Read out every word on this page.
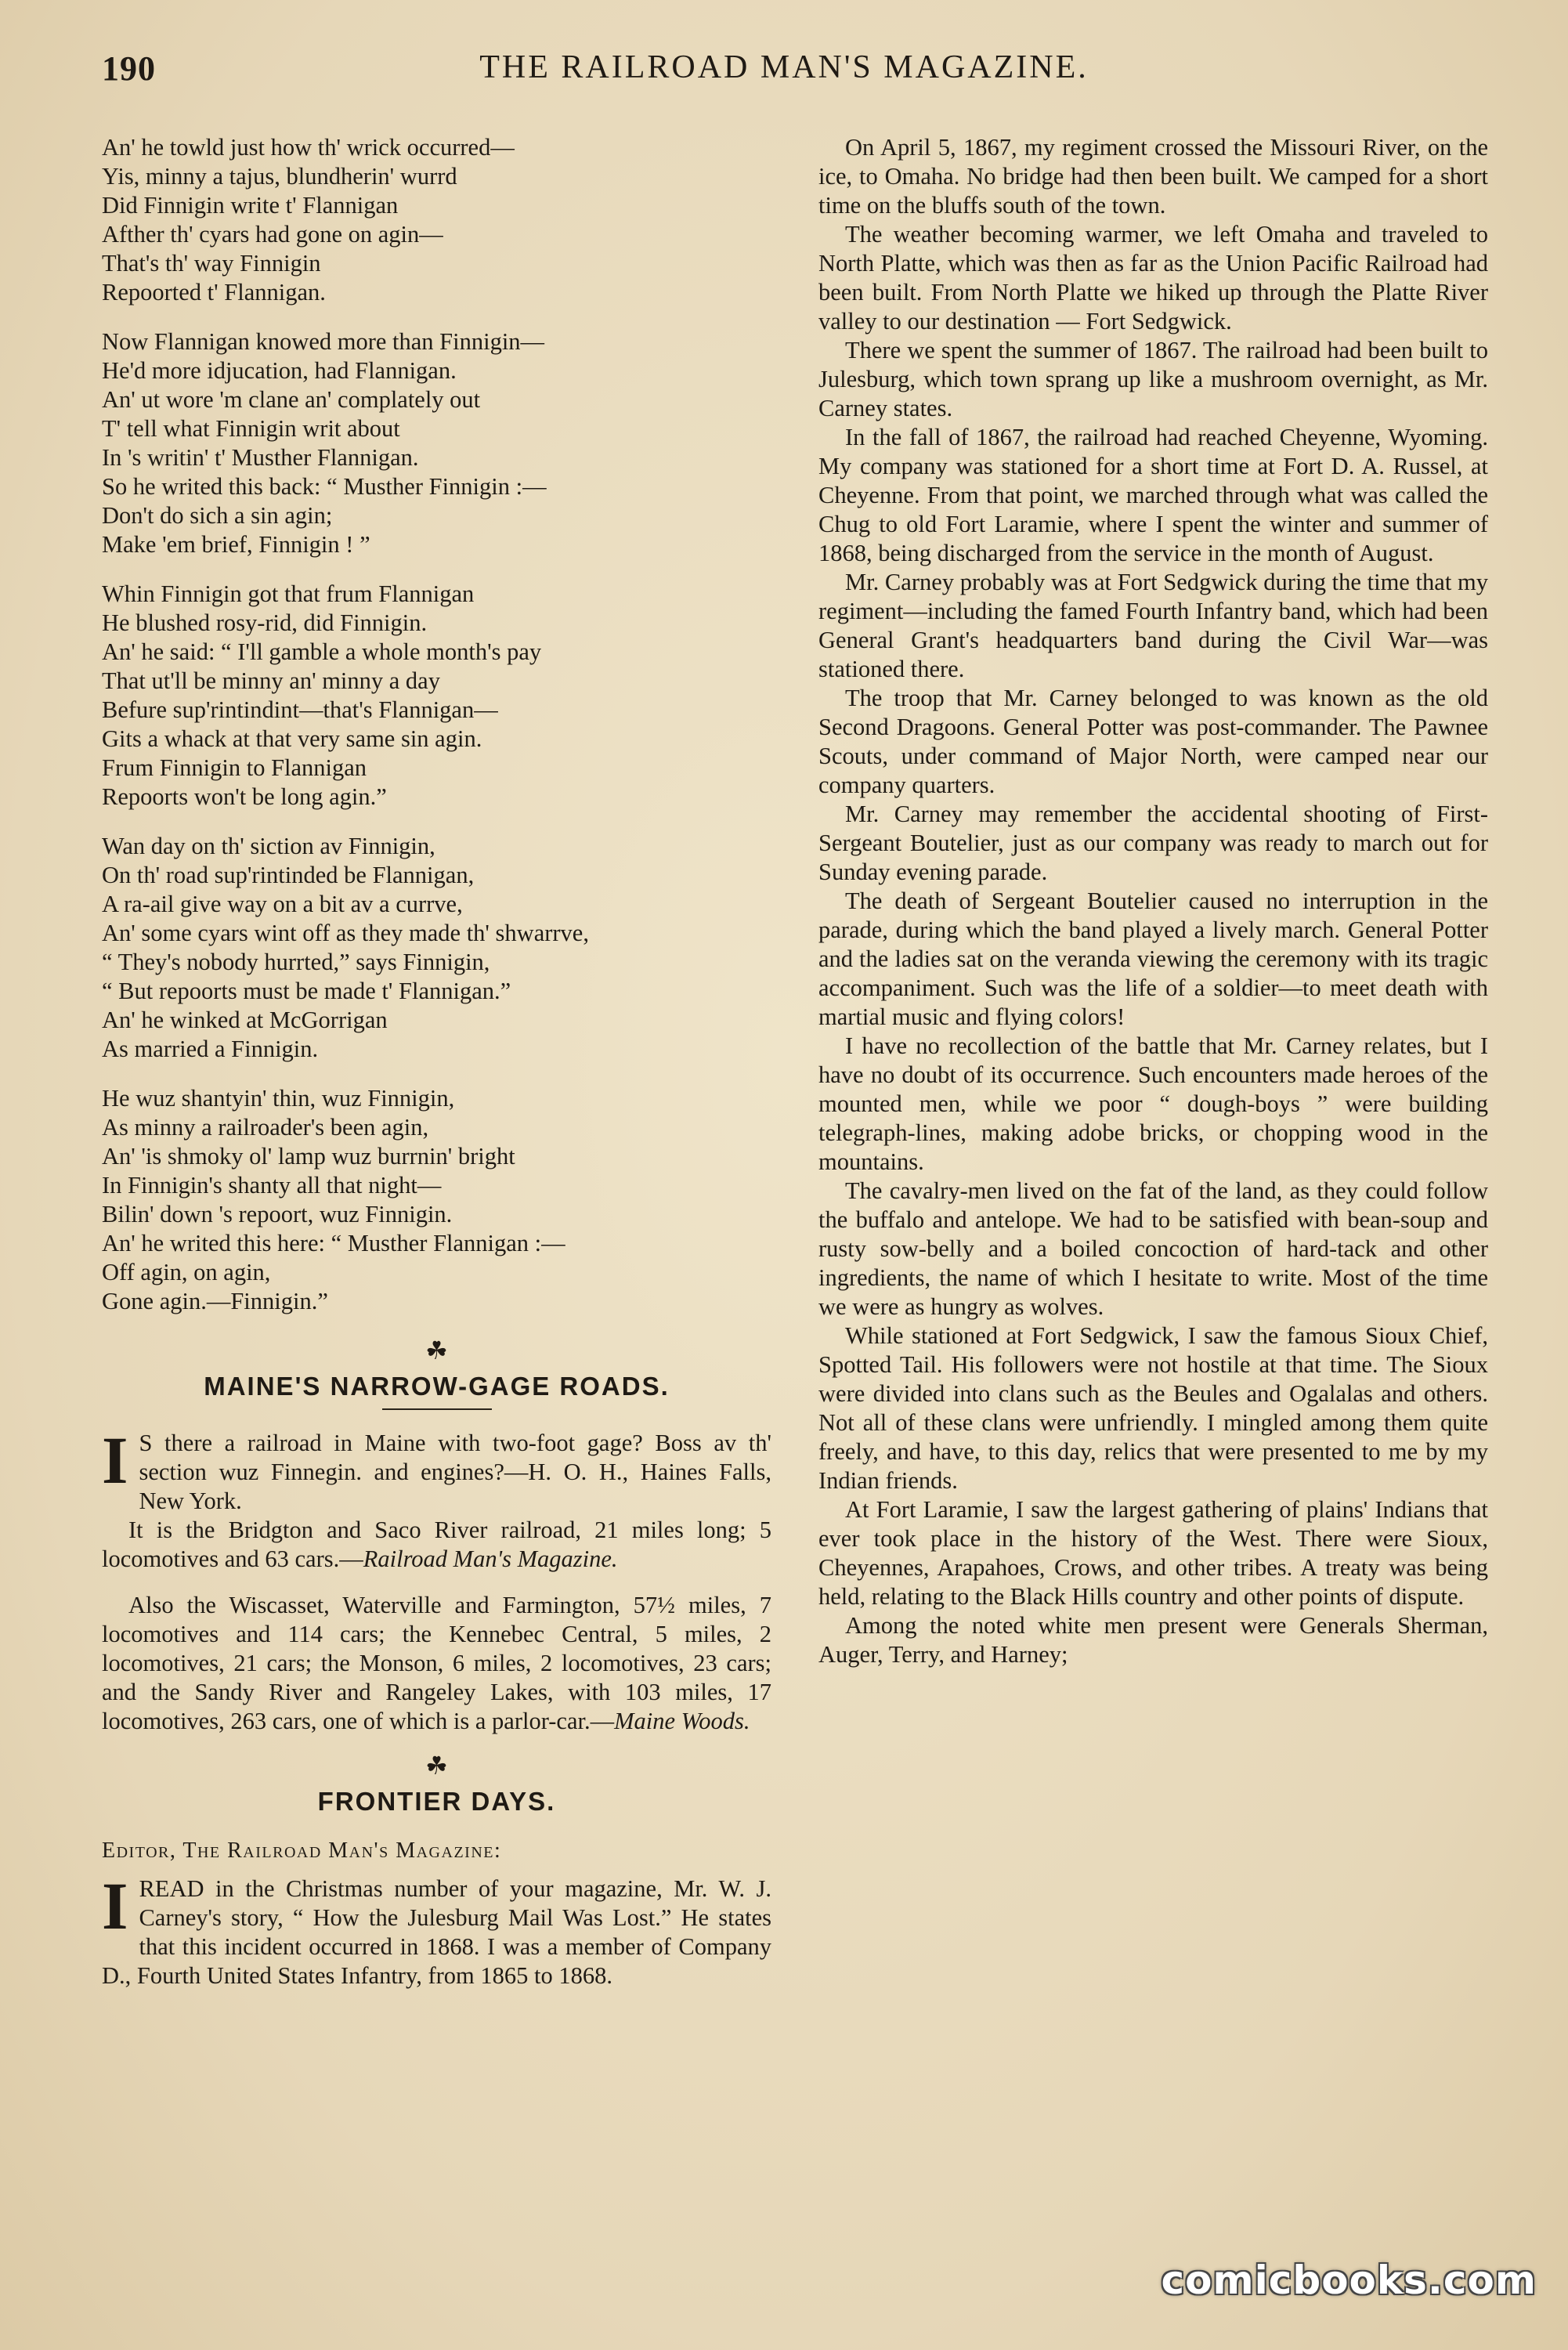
190	THE RAILROAD MAN'S MAGAZINE.
An' he towld just how th' wrick occurred—
Yis, minny a tajus, blundherin' wurrd
Did Finnigin write t' Flannigan
Afther th' cyars had gone on agin—
That's th' way Finnigin
Repoorted t' Flannigan.
Now Flannigan knowed more than Finnigin—
He'd more idjucation, had Flannigan.
An' ut wore 'm clane an' complately out
T' tell what Finnigin writ about
In 's writin' t' Musther Flannigan.
So he writed this back: “ Musther Finnigin :—
Don't do sich a sin agin;
Make 'em brief, Finnigin ! ”
Whin Finnigin got that frum Flannigan
He blushed rosy-rid, did Finnigin.
An' he said: “ I'll gamble a whole month's pay
That ut'll be minny an' minny a day
Befure sup'rintindint—that's Flannigan—
Gits a whack at that very same sin agin.
Frum Finnigin to Flannigan
Repoorts won't be long agin.”
Wan day on th' siction av Finnigin,
On th' road sup'rintinded be Flannigan,
A ra-ail give way on a bit av a currve,
An' some cyars wint off as they made th' shwarrve,
“ They's nobody hurrted,” says Finnigin,
“ But repoorts must be made t' Flannigan.”
An' he winked at McGorrigan
As married a Finnigin.
He wuz shantyin' thin, wuz Finnigin,
As minny a railroader's been agin,
An' 'is shmoky ol' lamp wuz burrnin' bright
In Finnigin's shanty all that night—
Bilin' down 's repoort, wuz Finnigin.
An' he writed this here: “ Musther Flannigan :—
Off agin, on agin,
Gone agin.—Finnigin.”
☘
MAINE'S NARROW-GAGE ROADS.

I S there a railroad in Maine with two-foot gage? Boss av th' section wuz Finnegin. and engines?—H. O. H., Haines Falls, New York.

It is the Bridgton and Saco River railroad, 21 miles long; 5 locomotives and 63 cars.—Railroad Man's Magazine.

Also the Wiscasset, Waterville and Farmington, 57½ miles, 7 locomotives and 114 cars; the Kennebec Central, 5 miles, 2 locomotives, 21 cars; the Monson, 6 miles, 2 locomotives, 23 cars; and the Sandy River and Rangeley Lakes, with 103 miles, 17 locomotives, 263 cars, one of which is a parlor-car.—Maine Woods.

☘
FRONTIER DAYS.
Editor, The Railroad Man's Magazine:

IREAD in the Christmas number of your magazine, Mr. W. J. Carney's story, “ How the Julesburg Mail Was Lost.” He states that this incident occurred in 1868. I was a member of Company D., Fourth United States Infantry, from 1865 to 1868.

On April 5, 1867, my regiment crossed the Missouri River, on the ice, to Omaha. No bridge had then been built. We camped for a short time on the bluffs south of the town.

The weather becoming warmer, we left Omaha and traveled to North Platte, which was then as far as the Union Pacific Railroad had been built. From North Platte we hiked up through the Platte River valley to our destination — Fort Sedgwick.

There we spent the summer of 1867. The railroad had been built to Julesburg, which town sprang up like a mushroom overnight, as Mr. Carney states.

In the fall of 1867, the railroad had reached Cheyenne, Wyoming. My company was stationed for a short time at Fort D. A. Russel, at Cheyenne. From that point, we marched through what was called the Chug to old Fort Laramie, where I spent the winter and summer of 1868, being discharged from the service in the month of August.

Mr. Carney probably was at Fort Sedgwick during the time that my regiment—including the famed Fourth Infantry band, which had been General Grant's headquarters band during the Civil War—was stationed there.

The troop that Mr. Carney belonged to was known as the old Second Dragoons. General Potter was post-commander. The Pawnee Scouts, under command of Major North, were camped near our company quarters.

Mr. Carney may remember the accidental shooting of First-Sergeant Boutelier, just as our company was ready to march out for Sunday evening parade.

The death of Sergeant Boutelier caused no interruption in the parade, during which the band played a lively march. General Potter and the ladies sat on the veranda viewing the ceremony with its tragic accompaniment. Such was the life of a soldier—to meet death with martial music and flying colors!

I have no recollection of the battle that Mr. Carney relates, but I have no doubt of its occurrence. Such encounters made heroes of the mounted men, while we poor “ dough-boys ” were building telegraph-lines, making adobe bricks, or chopping wood in the mountains.

The cavalry-men lived on the fat of the land, as they could follow the buffalo and antelope. We had to be satisfied with bean-soup and rusty sow-belly and a boiled concoction of hard-tack and other ingredients, the name of which I hesitate to write. Most of the time we were as hungry as wolves.

While stationed at Fort Sedgwick, I saw the famous Sioux Chief, Spotted Tail. His followers were not hostile at that time. The Sioux were divided into clans such as the Beules and Ogalalas and others. Not all of these clans were unfriendly. I mingled among them quite freely, and have, to this day, relics that were presented to me by my Indian friends.

At Fort Laramie, I saw the largest gathering of plains' Indians that ever took place in the history of the West. There were Sioux, Cheyennes, Arapahoes, Crows, and other tribes. A treaty was being held, relating to the Black Hills country and other points of dispute.

Among the noted white men present were Generals Sherman, Auger, Terry, and Harney;

comicbooks.com
